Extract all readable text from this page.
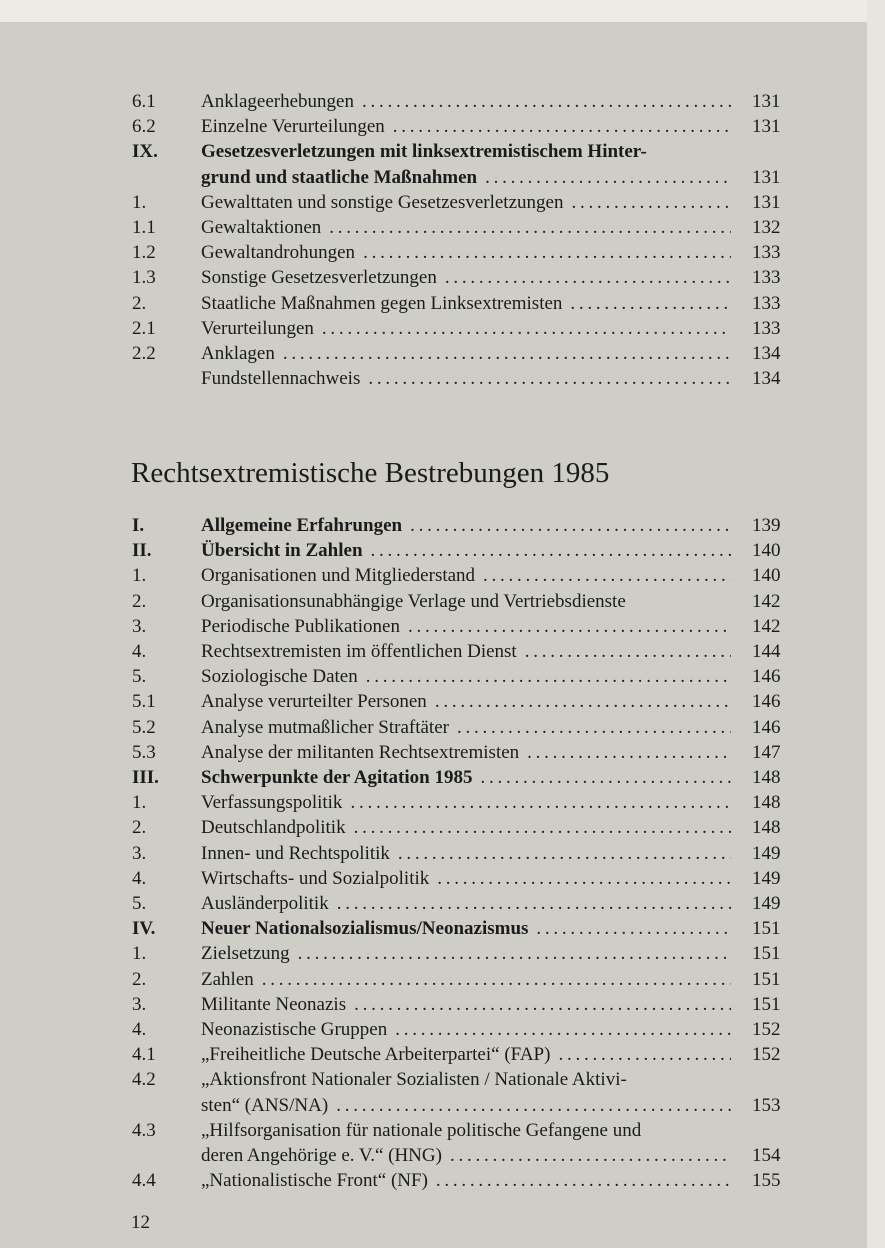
6.1 Anklageerhebungen . . .	131
6.2 Einzelne Verurteilungen . . .	131
IX. Gesetzesverletzungen mit linksextremistischem Hinter-
grund und staatliche Maßnahmen . . .	131
1.	Gewalttaten und sonstige Gesetzesverletzungen . . .	131
1.1 Gewaltaktionen . . .	132
1.2 Gewaltandrohungen . . .	133
1.3 Sonstige Gesetzesverletzungen . . .	133
2.	Staatliche Maßnahmen gegen Linksextremisten . . .	133
2.1 Verurteilungen . . .	133
2.2 Anklagen . . .	134
Fundstellennachweis . . .	134
I.	Allgemeine Erfahrungen . . .	139
II.	Übersicht in Zahlen . . .	140
1.	Organisationen und Mitgliederstand . . .	140
2.	Organisationsunabhängige Verlage und Vertriebsdienste	142
3.	Periodische Publikationen . . .	142
4.	Rechtsextremisten im öffentlichen Dienst . . .	144
5.	Soziologische Daten . . .	146
5.1 Analyse verurteilter Personen . . .	146
5.2 Analyse mutmaßlicher Straftäter . . .	146
5.3 Analyse der militanten Rechtsextremisten . . .	147
III. Schwerpunkte der Agitation 1985 . . .	148
1.	Verfassungspolitik . . .	148
2.	Deutschlandpolitik . . .	148
3.	Innen- und Rechtspolitik . . .	149
4.	Wirtschafts- und Sozialpolitik . . .	149
5.	Ausländerpolitik . . .	149
IV. Neuer Nationalsozialismus/Neonazismus . . .	151
1.	Zielsetzung . . .	151
2.	Zahlen . . .	151
3.	Militante Neonazis . . .	151
4.	Neonazistische Gruppen . . .	152
4.1 „Freiheitliche Deutsche Arbeiterpartei“ (FAP) . . .	152
4.2 „Aktionsfront Nationaler Sozialisten / Nationale Aktivi-
sten“ (ANS/NA) . . .	153
4.3 „Hilfsorganisation für nationale politische Gefangene und
deren Angehörige e. V.“ (HNG) . . .	154
4.4 „Nationalistische Front“ (NF) . . .	155
Rechtsextremistische Bestrebungen 1985
12
